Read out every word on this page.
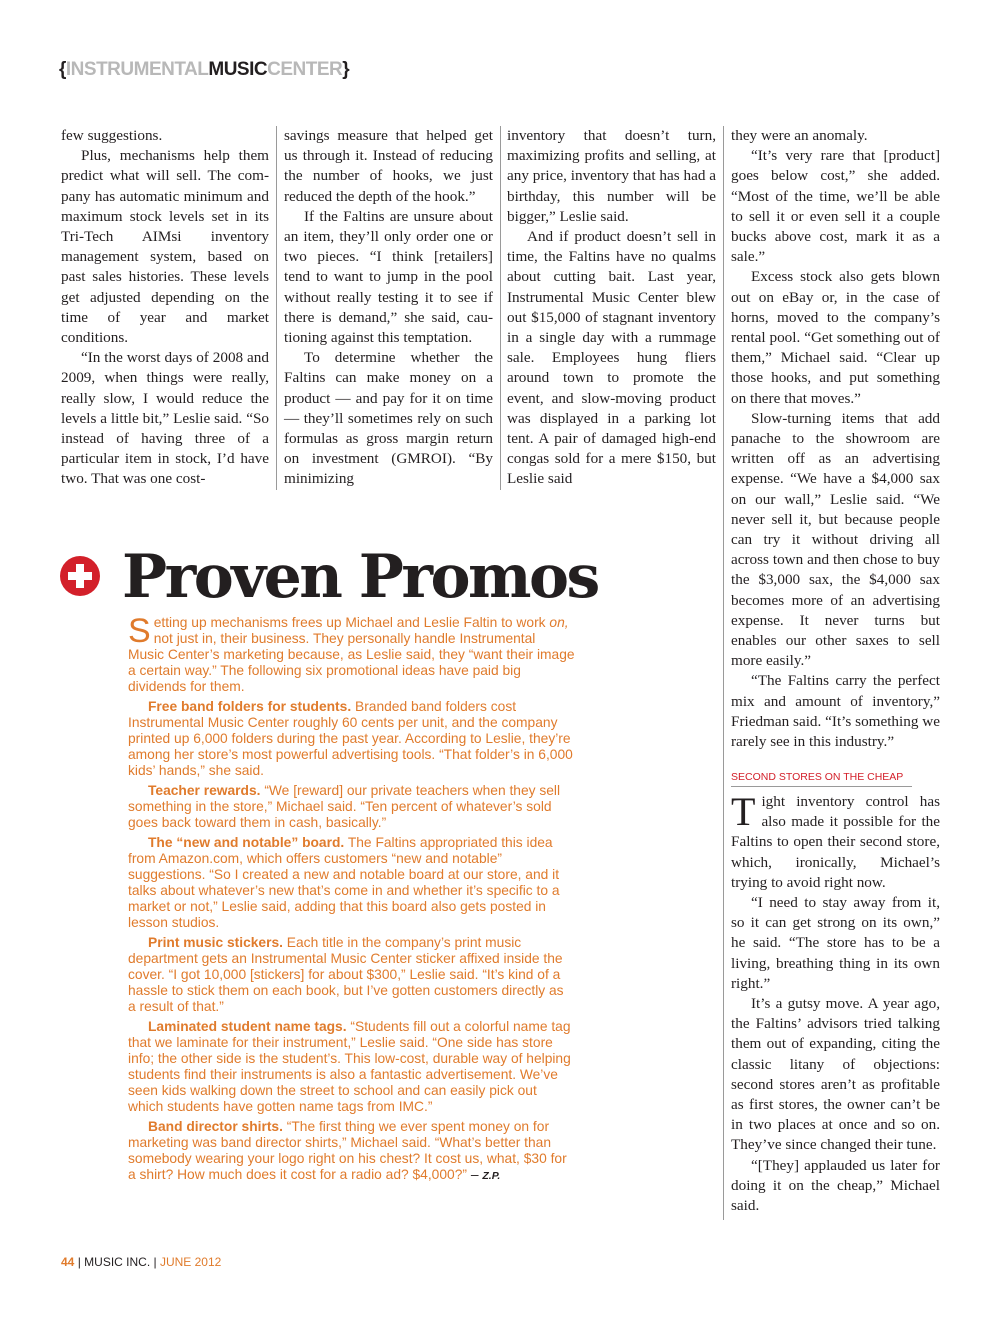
{INSTRUMENTALMUSICCENTER}

few suggestions.

Plus, mechanisms help them predict what will sell. The company has automatic minimum and maximum stock levels set in its Tri-Tech AIMsi inventory management system, based on past sales histories. These levels get adjusted depending on the time of year and market conditions.

“In the worst days of 2008 and 2009, when things were really, really slow, I would reduce the levels a little bit,” Leslie said. “So instead of having three of a particular item in stock, I’d have two. That was one cost-

savings measure that helped get us through it. Instead of reducing the number of hooks, we just reduced the depth of the hook.”

If the Faltins are unsure about an item, they’ll only order one or two pieces. “I think [retailers] tend to want to jump in the pool without really testing it to see if there is demand,” she said, cautioning against this temptation.

To determine whether the Faltins can make money on a product — and pay for it on time — they’ll sometimes rely on such formulas as gross margin return on investment (GMROI). “By minimizing

inventory that doesn’t turn, maximizing profits and selling, at any price, inventory that has had a birthday, this number will be bigger,” Leslie said.

And if product doesn’t sell in time, the Faltins have no qualms about cutting bait. Last year, Instrumental Music Center blew out $15,000 of stagnant inventory in a single day with a rummage sale. Employees hung fliers around town to promote the event, and slow-moving product was displayed in a parking lot tent. A pair of damaged high-end congas sold for a mere $150, but Leslie said

they were an anomaly.

“It’s very rare that [product] goes below cost,” she added. “Most of the time, we’ll be able to sell it or even sell it a couple bucks above cost, mark it as a sale.”

Excess stock also gets blown out on eBay or, in the case of horns, moved to the company’s rental pool. “Get something out of them,” Michael said. “Clear up those hooks, and put something on there that moves.”

Slow-turning items that add panache to the showroom are written off as an advertising expense. “We have a $4,000 sax on our wall,” Leslie said. “We never sell it, but because people can try it without driving all across town and then chose to buy the $3,000 sax, the $4,000 sax becomes more of an advertising expense. It never turns but enables our other saxes to sell more easily.”

“The Faltins carry the perfect mix and amount of inventory,” Friedman said. “It’s something we rarely see in this industry.”

Proven Promos

Setting up mechanisms frees up Michael and Leslie Faltin to work on, not just in, their business. They personally handle Instrumental Music Center’s marketing because, as Leslie said, they “want their image a certain way.” The following six promotional ideas have paid big dividends for them.

Free band folders for students. Branded band folders cost Instrumental Music Center roughly 60 cents per unit, and the company printed up 6,000 folders during the past year. According to Leslie, they’re among her store’s most powerful advertising tools. “That folder’s in 6,000 kids’ hands,” she said.

Teacher rewards. “We [reward] our private teachers when they sell something in the store,” Michael said. “Ten percent of whatever’s sold goes back toward them in cash, basically.”

The “new and notable” board. The Faltins appropriated this idea from Amazon.com, which offers customers “new and notable” suggestions. “So I created a new and notable board at our store, and it talks about whatever’s new that’s come in and whether it’s specific to a market or not,” Leslie said, adding that this board also gets posted in lesson studios.

Print music stickers. Each title in the company’s print music department gets an Instrumental Music Center sticker affixed inside the cover. “I got 10,000 [stickers] for about $300,” Leslie said. “It’s kind of a hassle to stick them on each book, but I’ve gotten customers directly as a result of that.”

Laminated student name tags. “Students fill out a colorful name tag that we laminate for their instrument,” Leslie said. “One side has store info; the other side is the student’s. This low-cost, durable way of helping students find their instruments is also a fantastic advertisement. We’ve seen kids walking down the street to school and can easily pick out which students have gotten name tags from IMC.”

Band director shirts. “The first thing we ever spent money on for marketing was band director shirts,” Michael said. “What’s better than somebody wearing your logo right on his chest? It cost us, what, $30 for a shirt? How much does it cost for a radio ad? $4,000?” – Z.P.

SECOND STORES ON THE CHEAP

Tight inventory control has also made it possible for the Faltins to open their second store, which, ironically, Michael’s trying to avoid right now.

“I need to stay away from it, so it can get strong on its own,” he said. “The store has to be a living, breathing thing in its own right.”

It’s a gutsy move. A year ago, the Faltins’ advisors tried talking them out of expanding, citing the classic litany of objections: second stores aren’t as profitable as first stores, the owner can’t be in two places at once and so on. They’ve since changed their tune.

“[They] applauded us later for doing it on the cheap,” Michael said.

44 | MUSIC INC. | JUNE 2012
